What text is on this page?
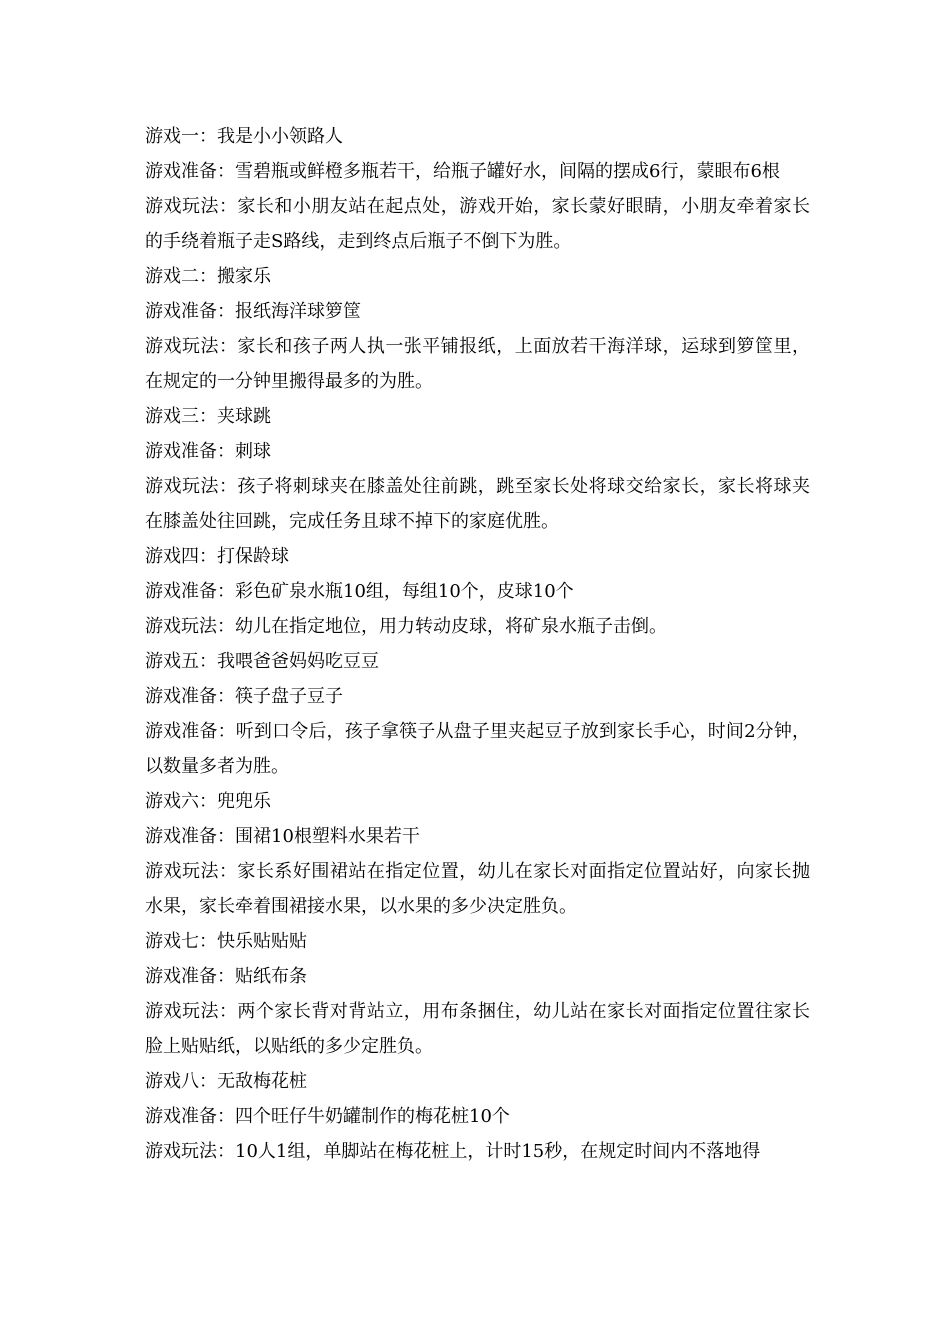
游戏一：我是小小领路人

游戏准备：雪碧瓶或鲜橙多瓶若干，给瓶子罐好水，间隔的摆成6行，蒙眼布6根

游戏玩法：家长和小朋友站在起点处，游戏开始，家长蒙好眼睛，小朋友牵着家长的手绕着瓶子走S路线，走到终点后瓶子不倒下为胜。

游戏二：搬家乐

游戏准备：报纸海洋球箩筐

游戏玩法：家长和孩子两人执一张平铺报纸，上面放若干海洋球，运球到箩筐里，在规定的一分钟里搬得最多的为胜。

游戏三：夹球跳

游戏准备：刺球

游戏玩法：孩子将刺球夹在膝盖处往前跳，跳至家长处将球交给家长，家长将球夹在膝盖处往回跳，完成任务且球不掉下的家庭优胜。

游戏四：打保龄球

游戏准备：彩色矿泉水瓶10组，每组10个，皮球10个

游戏玩法：幼儿在指定地位，用力转动皮球，将矿泉水瓶子击倒。

游戏五：我喂爸爸妈妈吃豆豆

游戏准备：筷子盘子豆子

游戏准备：听到口令后，孩子拿筷子从盘子里夹起豆子放到家长手心，时间2分钟，以数量多者为胜。

游戏六：兜兜乐

游戏准备：围裙10根塑料水果若干

游戏玩法：家长系好围裙站在指定位置，幼儿在家长对面指定位置站好，向家长抛水果，家长牵着围裙接水果，以水果的多少决定胜负。

游戏七：快乐贴贴贴

游戏准备：贴纸布条

游戏玩法：两个家长背对背站立，用布条捆住，幼儿站在家长对面指定位置往家长脸上贴贴纸，以贴纸的多少定胜负。

游戏八：无敌梅花桩

游戏准备：四个旺仔牛奶罐制作的梅花桩10个

游戏玩法：10人1组，单脚站在梅花桩上，计时15秒，在规定时间内不落地得
